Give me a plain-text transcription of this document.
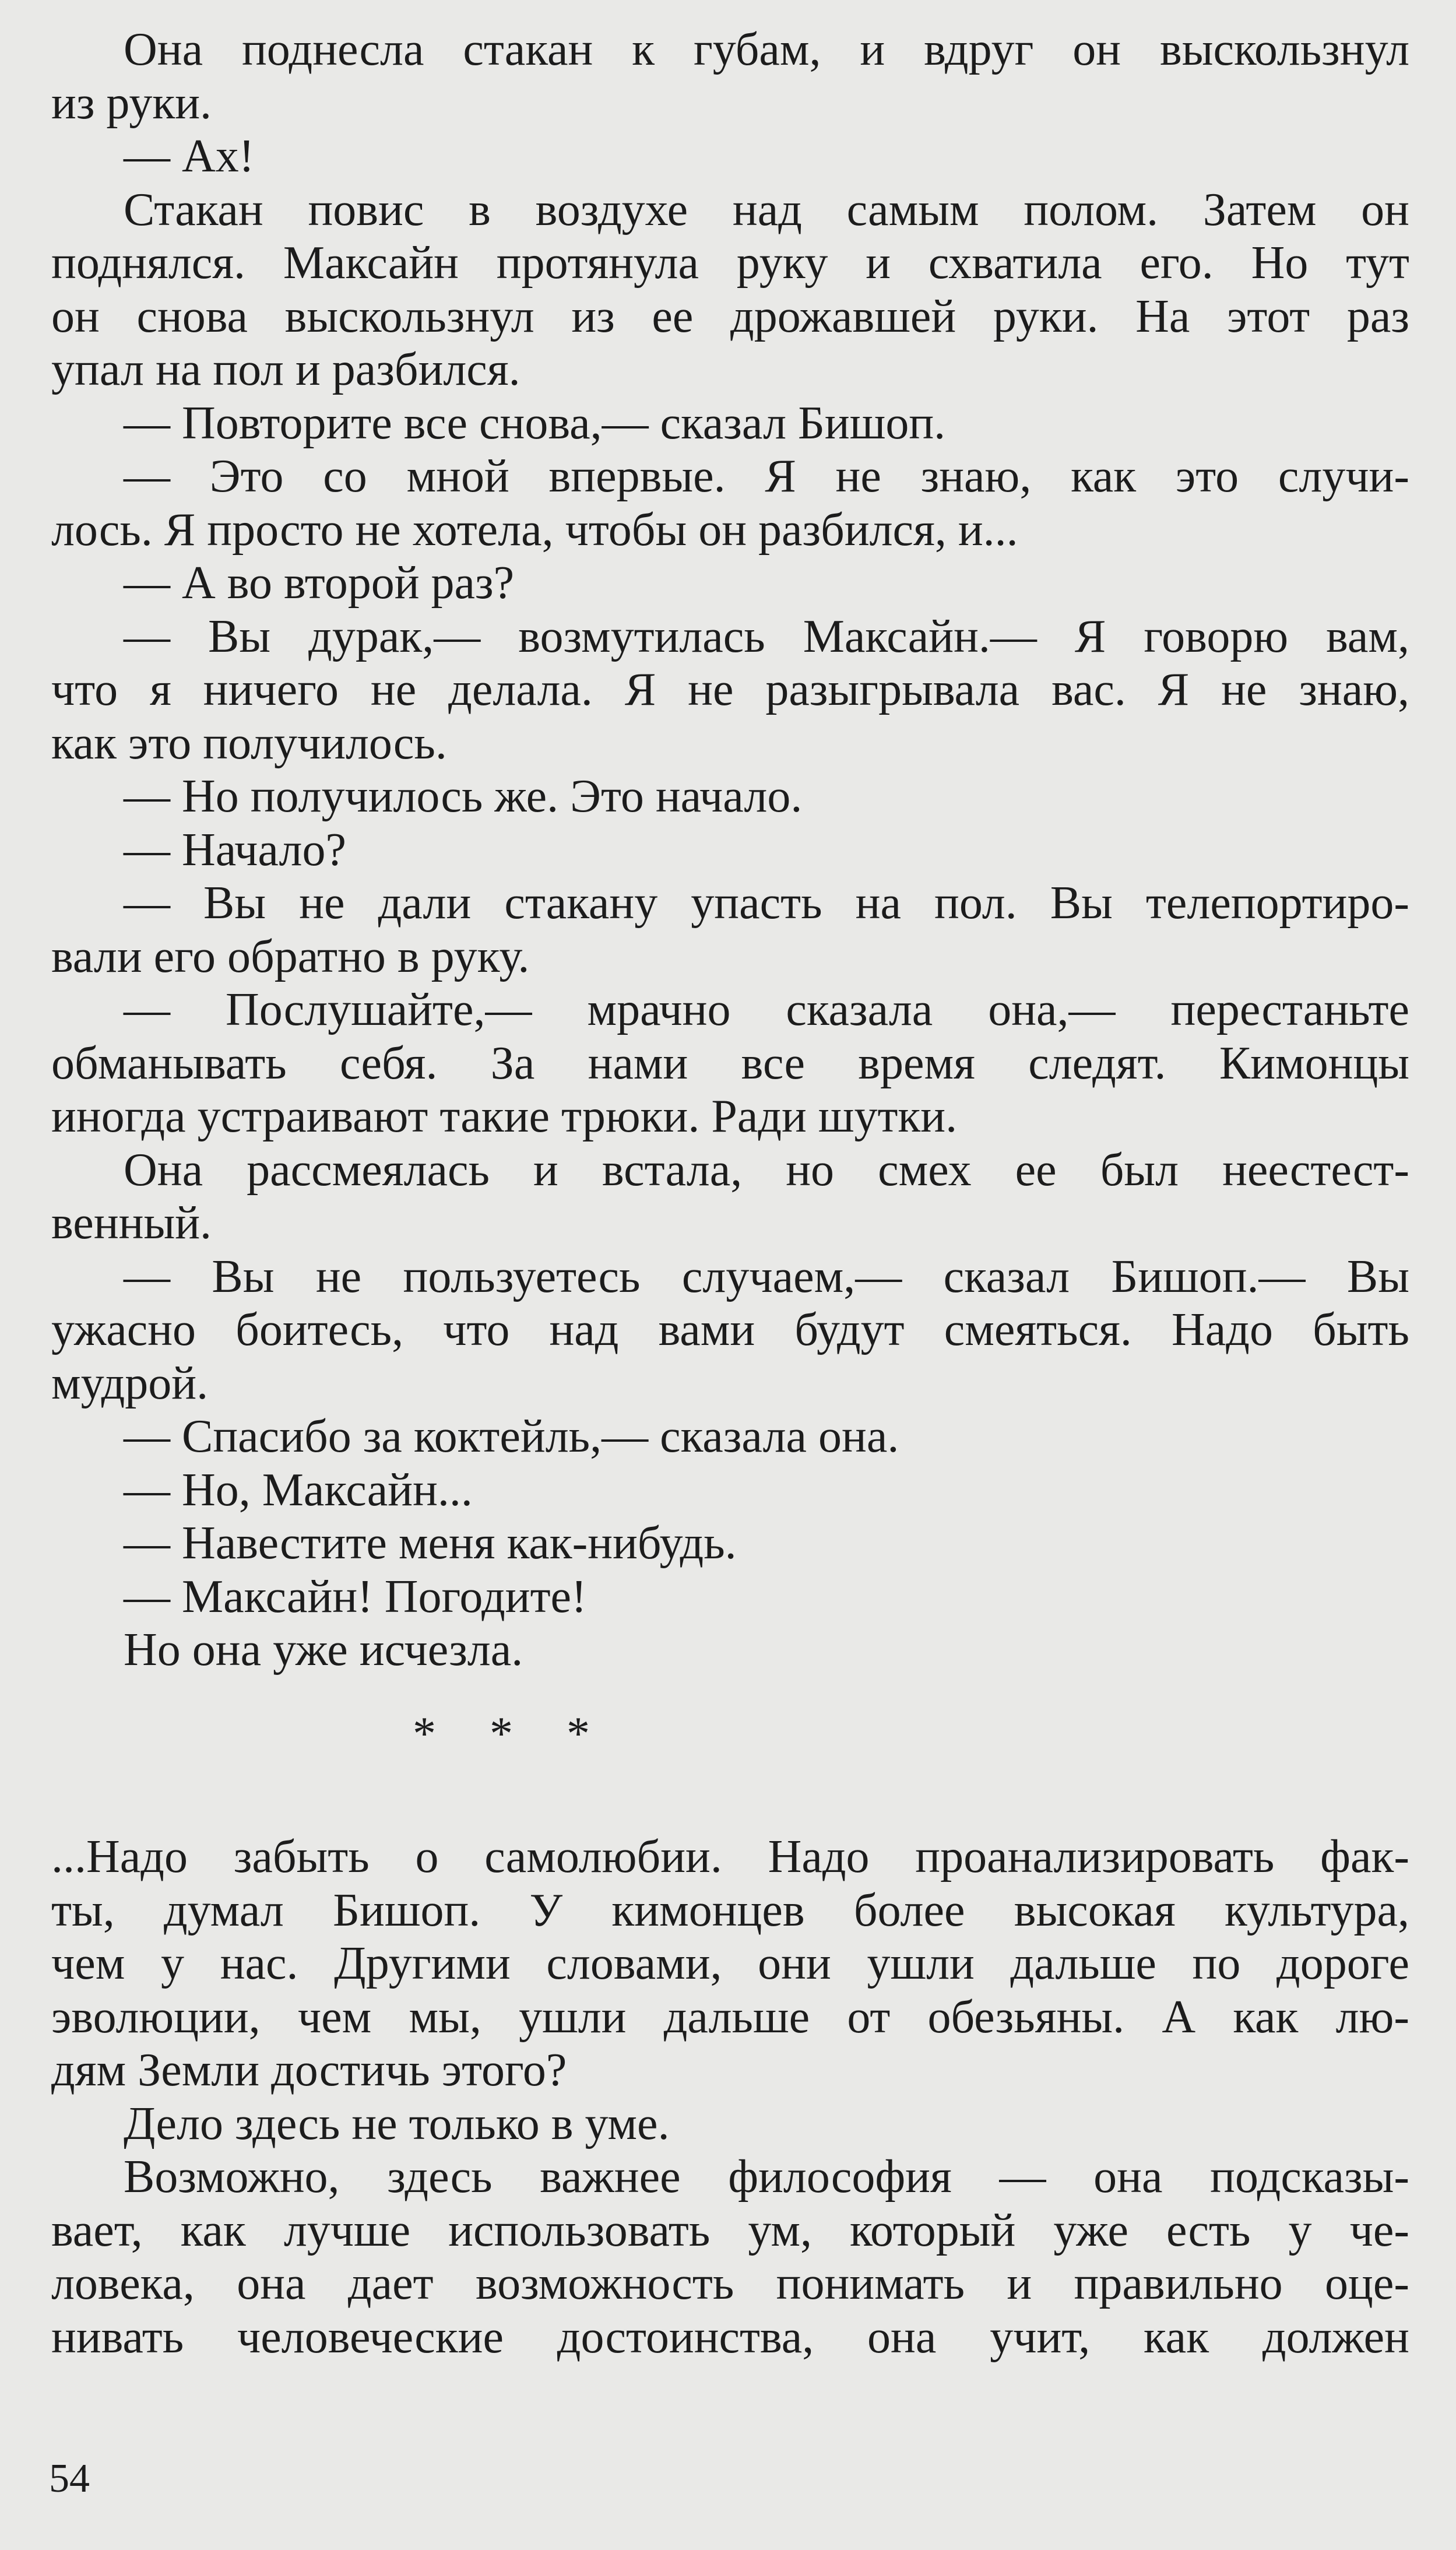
Она поднесла стакан к губам, и вдруг он выскользнул
из руки.
— Ах!
Стакан повис в воздухе над самым полом. Затем он
поднялся. Максайн протянула руку и схватила его. Но тут
он снова выскользнул из ее дрожавшей руки. На этот раз
упал на пол и разбился.
— Повторите все снова,— сказал Бишоп.
— Это со мной впервые. Я не знаю, как это случи-
лось. Я просто не хотела, чтобы он разбился, и...
— А во второй раз?
— Вы дурак,— возмутилась Максайн.— Я говорю вам,
что я ничего не делала. Я не разыгрывала вас. Я не знаю,
как это получилось.
— Но получилось же. Это начало.
— Начало?
— Вы не дали стакану упасть на пол. Вы телепортиро-
вали его обратно в руку.
— Послушайте,— мрачно сказала она,— перестаньте
обманывать себя. За нами все время следят. Кимонцы
иногда устраивают такие трюки. Ради шутки.
Она рассмеялась и встала, но смех ее был неестест-
венный.
— Вы не пользуетесь случаем,— сказал Бишоп.— Вы
ужасно боитесь, что над вами будут смеяться. Надо быть
мудрой.
— Спасибо за коктейль,— сказала она.
— Но, Максайн...
— Навестите меня как-нибудь.
— Максайн! Погодите!
Но она уже исчезла.
* * *
...Надо забыть о самолюбии. Надо проанализировать фак-
ты, думал Бишоп. У кимонцев более высокая культура,
чем у нас. Другими словами, они ушли дальше по дороге
эволюции, чем мы, ушли дальше от обезьяны. А как лю-
дям Земли достичь этого?
Дело здесь не только в уме.
Возможно, здесь важнее философия — она подсказы-
вает, как лучше использовать ум, который уже есть у че-
ловека, она дает возможность понимать и правильно оце-
нивать человеческие достоинства, она учит, как должен
54
